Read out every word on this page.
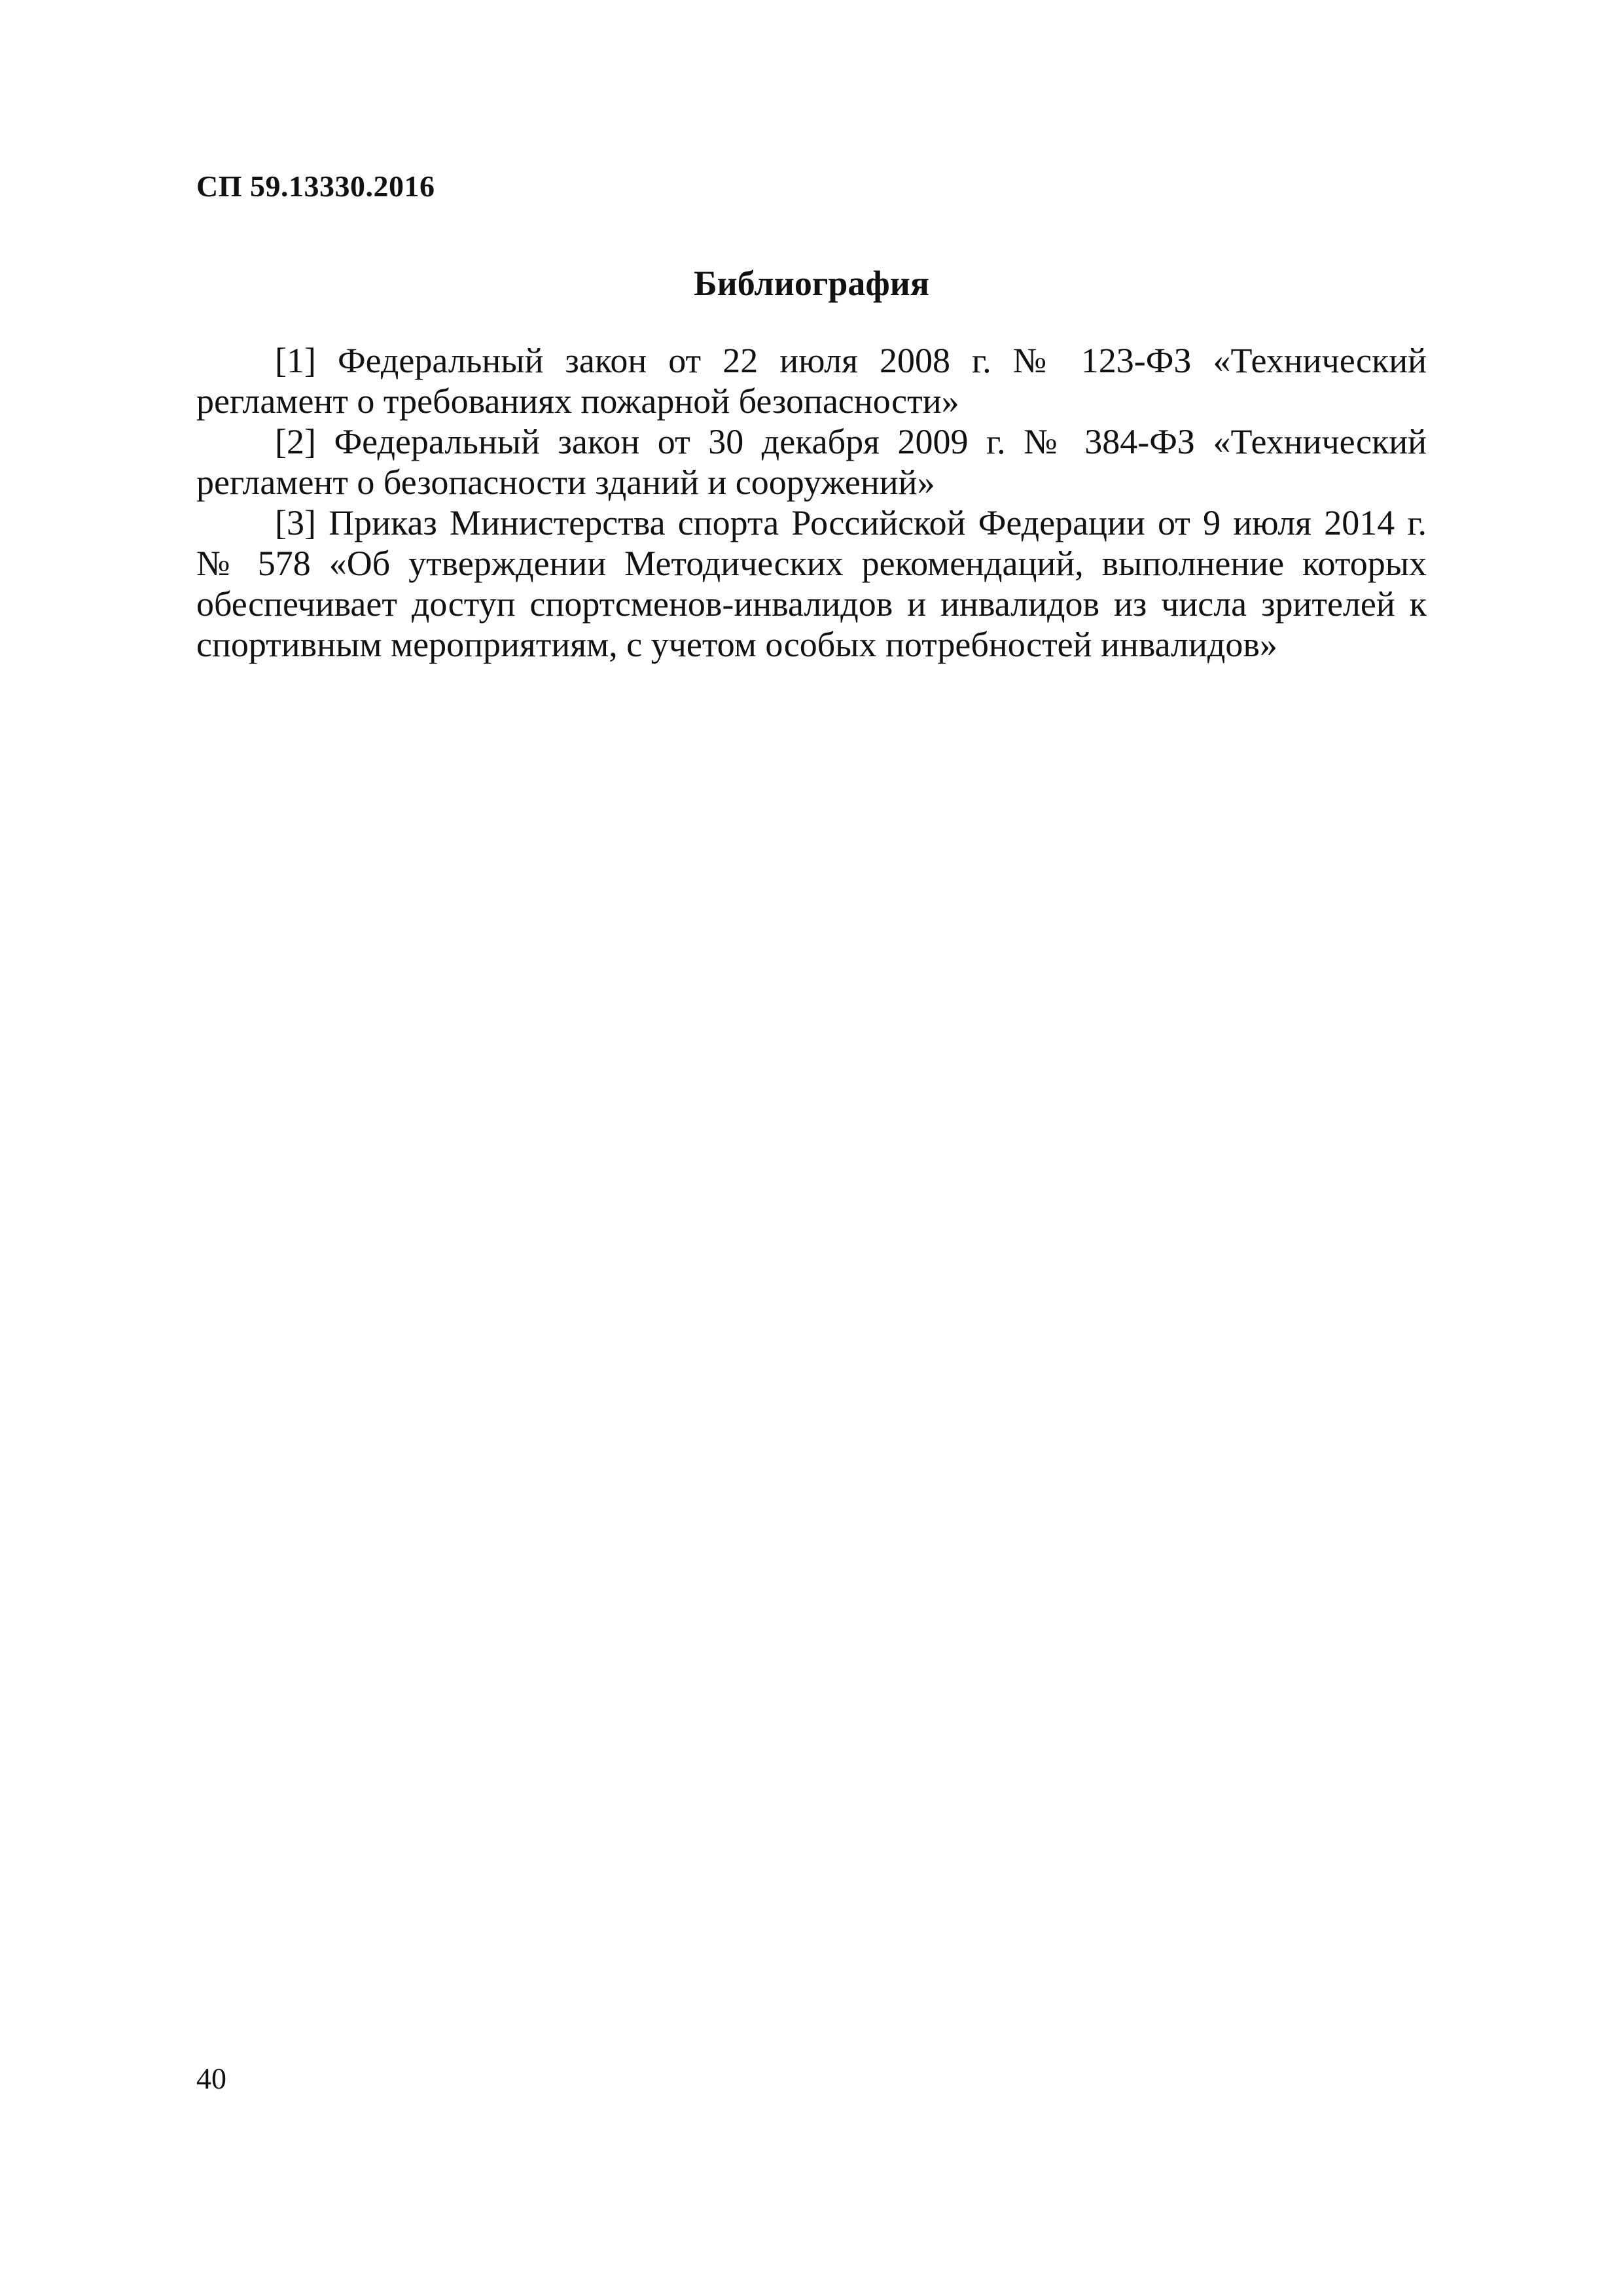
СП 59.13330.2016
Библиография
[1] Федеральный закон от 22 июля 2008 г. № 123-ФЗ «Технический регламент о требованиях пожарной безопасности»
[2] Федеральный закон от 30 декабря 2009 г. № 384-ФЗ «Технический регламент о безопасности зданий и сооружений»
[3] Приказ Министерства спорта Российской Федерации от 9 июля 2014 г. № 578 «Об утверждении Методических рекомендаций, выполнение которых обеспечивает доступ спортсменов-инвалидов и инвалидов из числа зрителей к спортивным мероприятиям, с учетом особых потребностей инвалидов»
40
